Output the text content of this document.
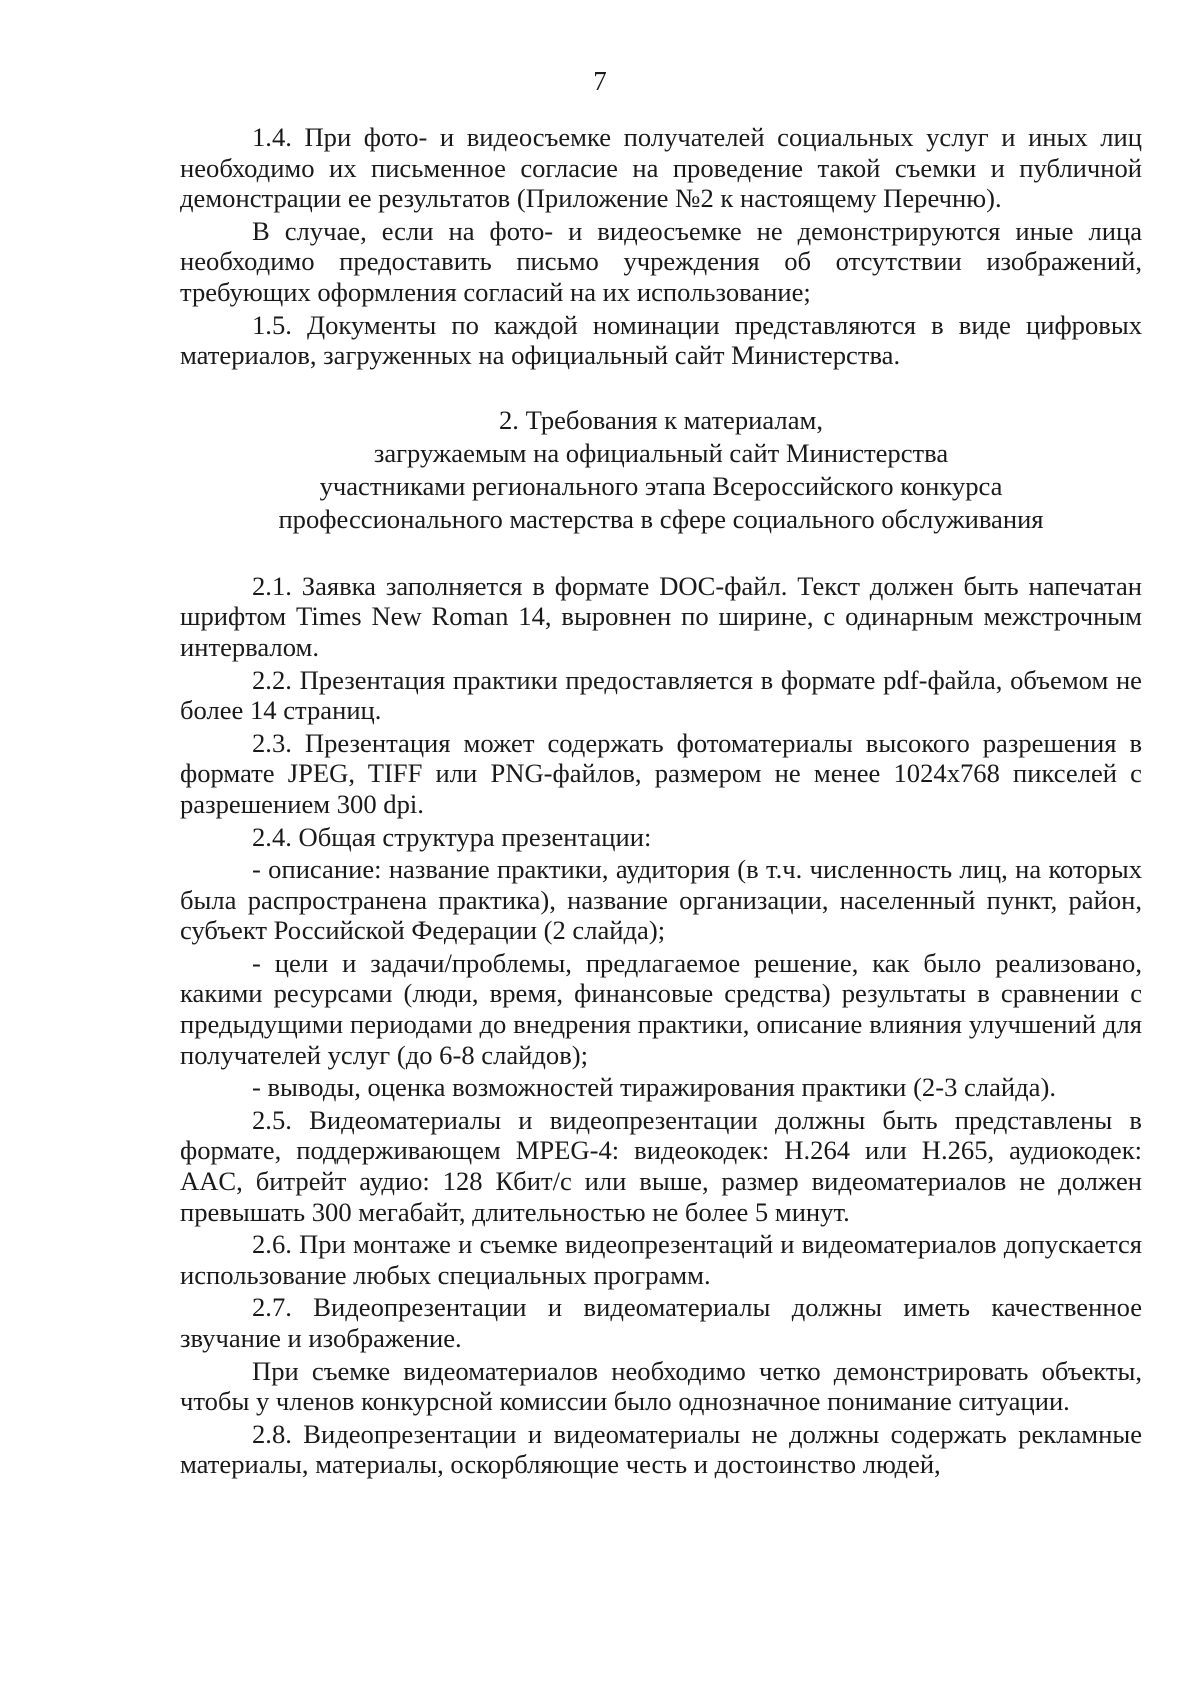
7

1.4. При фото- и видеосъемке получателей социальных услуг и иных лиц необходимо их письменное согласие на проведение такой съемки и публичной демонстрации ее результатов (Приложение №2 к настоящему Перечню).

В случае, если на фото- и видеосъемке не демонстрируются иные лица необходимо предоставить письмо учреждения об отсутствии изображений, требующих оформления согласий на их использование;

1.5. Документы по каждой номинации представляются в виде цифровых материалов, загруженных на официальный сайт Министерства.

2. Требования к материалам,
загружаемым на официальный сайт Министерства
участниками регионального этапа Всероссийского конкурса
профессионального мастерства в сфере социального обслуживания

2.1. Заявка заполняется в формате DOC-файл. Текст должен быть напечатан шрифтом Times New Roman 14, выровнен по ширине, с одинарным межстрочным интервалом.

2.2. Презентация практики предоставляется в формате pdf-файла, объемом не более 14 страниц.

2.3. Презентация может содержать фотоматериалы высокого разрешения в формате JPEG, TIFF или PNG-файлов, размером не менее 1024x768 пикселей с разрешением 300 dpi.

2.4. Общая структура презентации:

- описание: название практики, аудитория (в т.ч. численность лиц, на которых была распространена практика), название организации, населенный пункт, район, субъект Российской Федерации (2 слайда);

- цели и задачи/проблемы, предлагаемое решение, как было реализовано, какими ресурсами (люди, время, финансовые средства) результаты в сравнении с предыдущими периодами до внедрения практики, описание влияния улучшений для получателей услуг (до 6-8 слайдов);

- выводы, оценка возможностей тиражирования практики (2-3 слайда).

2.5. Видеоматериалы и видеопрезентации должны быть представлены в формате, поддерживающем MPEG-4: видеокодек: H.264 или H.265, аудиокодек: AAC, битрейт аудио: 128 Кбит/с или выше, размер видеоматериалов не должен превышать 300 мегабайт, длительностью не более 5 минут.

2.6. При монтаже и съемке видеопрезентаций и видеоматериалов допускается использование любых специальных программ.

2.7. Видеопрезентации и видеоматериалы должны иметь качественное звучание и изображение.

При съемке видеоматериалов необходимо четко демонстрировать объекты, чтобы у членов конкурсной комиссии было однозначное понимание ситуации.

2.8. Видеопрезентации и видеоматериалы не должны содержать рекламные материалы, материалы, оскорбляющие честь и достоинство людей,
